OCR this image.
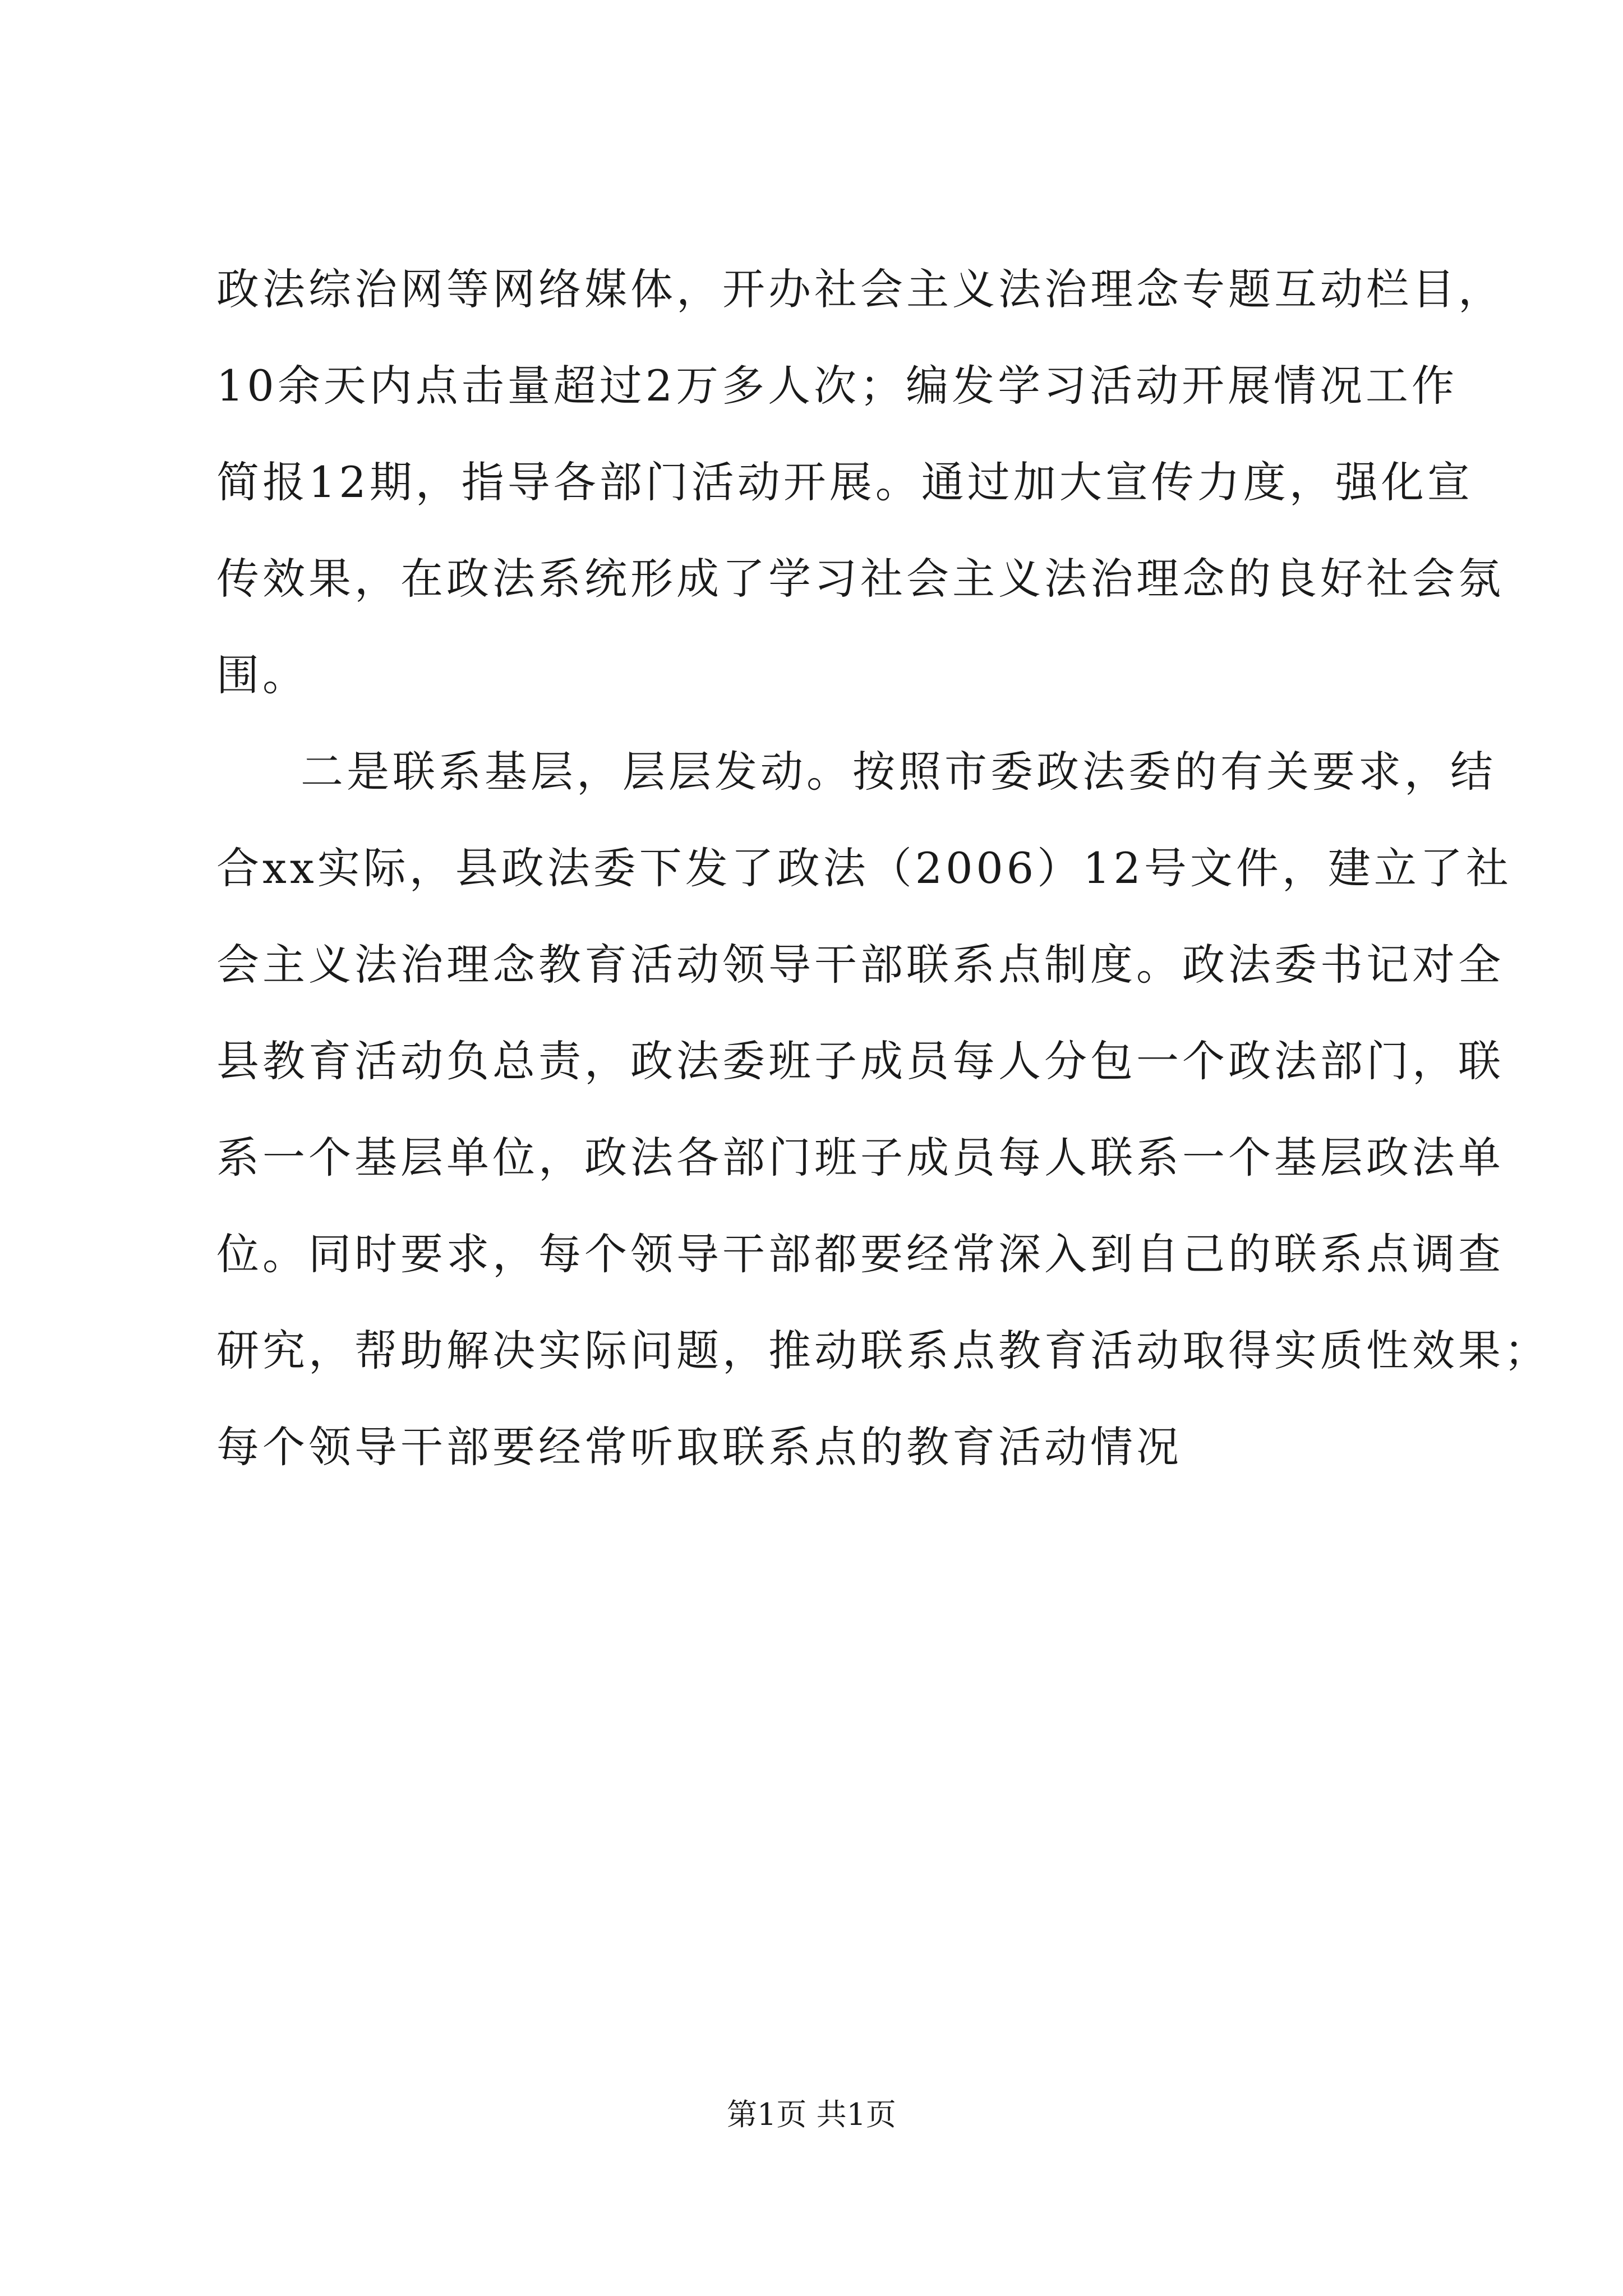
政法综治网等网络媒体，开办社会主义法治理念专题互动栏目，
10余天内点击量超过2万多人次；编发学习活动开展情况工作
简报12期，指导各部门活动开展。通过加大宣传力度，强化宣
传效果，在政法系统形成了学习社会主义法治理念的良好社会氛
围。
二是联系基层，层层发动。按照市委政法委的有关要求，结
合xx实际，县政法委下发了政法（2006）12号文件，建立了社
会主义法治理念教育活动领导干部联系点制度。政法委书记对全
县教育活动负总责，政法委班子成员每人分包一个政法部门，联
系一个基层单位，政法各部门班子成员每人联系一个基层政法单
位。同时要求，每个领导干部都要经常深入到自己的联系点调查
研究，帮助解决实际问题，推动联系点教育活动取得实质性效果；
每个领导干部要经常听取联系点的教育活动情况
第1页 共1页
